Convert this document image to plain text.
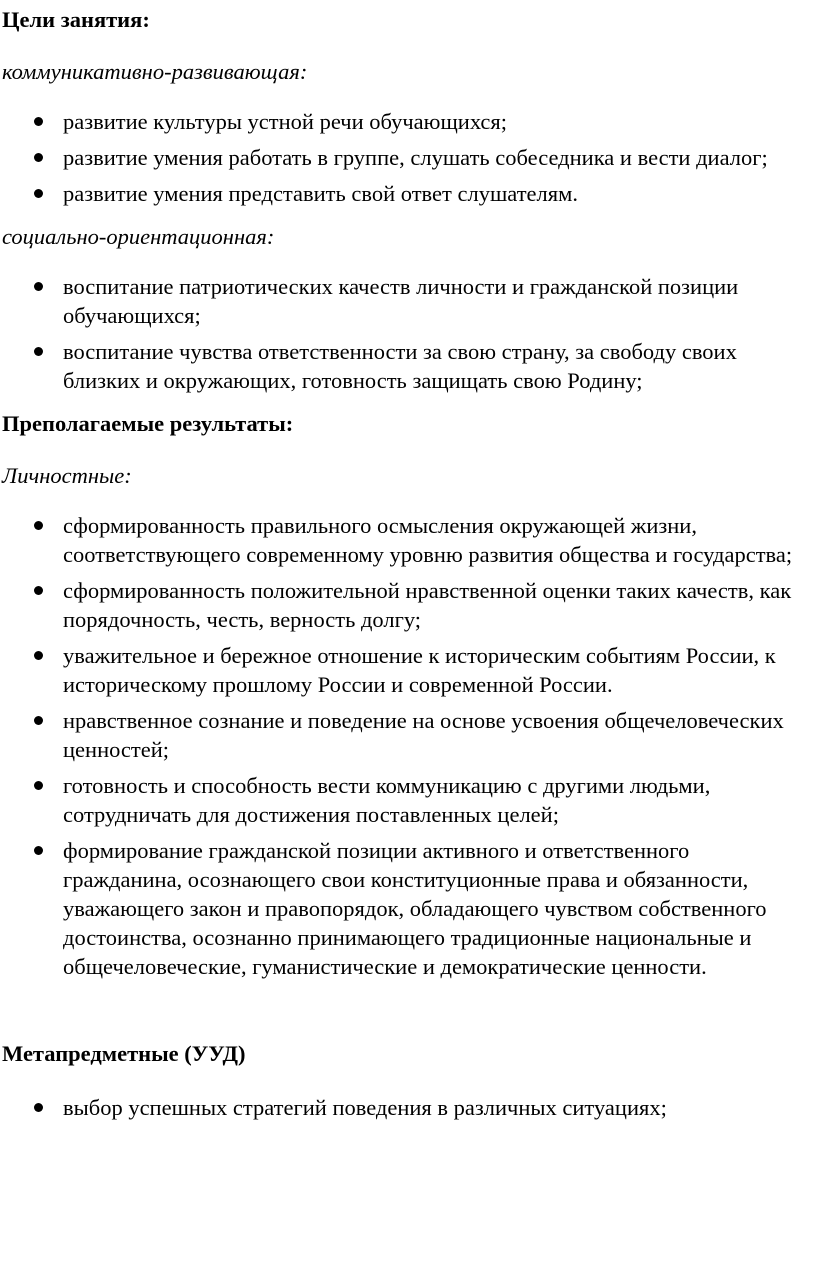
Цели занятия:

коммуникативно-развивающая:

развитие культуры устной речи обучающихся;
развитие умения работать в группе, слушать собеседника и вести диалог;
развитие умения представить свой ответ слушателям.

социально-ориентационная:

воспитание патриотических качеств личности и гражданской позиции обучающихся;
воспитание чувства ответственности за свою страну, за свободу своих близких и окружающих, готовность защищать свою Родину;
Преполагаемые результаты:

Личностные:

сформированность правильного осмысления окружающей жизни, соответствующего современному уровню развития общества и государства;
сформированность положительной нравственной оценки таких качеств, как порядочность, честь, верность долгу;
уважительное и бережное отношение к историческим событиям России, к историческому прошлому России и современной России.
нравственное сознание и поведение на основе усвоения общечеловеческих ценностей;
готовность и способность вести коммуникацию с другими людьми, сотрудничать для достижения поставленных целей;
формирование гражданской позиции активного и ответственного гражданина, осознающего свои конституционные права и обязанности, уважающего закон и правопорядок, обладающего чувством собственного достоинства, осознанно принимающего традиционные национальные и общечеловеческие, гуманистические и демократические ценности.
Метапредметные (УУД)
выбор успешных стратегий поведения в различных ситуациях;
